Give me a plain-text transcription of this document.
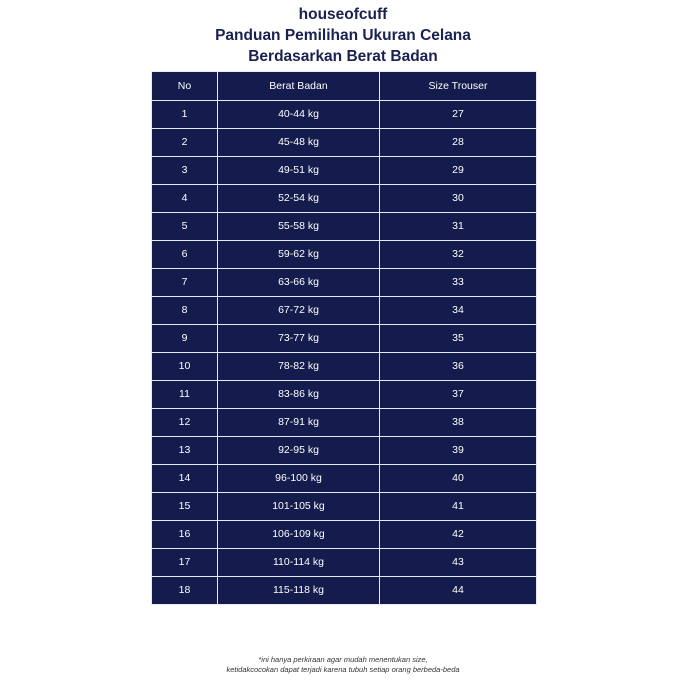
houseofcuff
Panduan Pemilihan Ukuran Celana
Berdasarkan Berat Badan
No	Berat Badan	Size Trouser
1	40-44 kg	27
2	45-48 kg	28
3	49-51 kg	29
4	52-54 kg	30
5	55-58 kg	31
6	59-62 kg	32
7	63-66 kg	33
8	67-72 kg	34
9	73-77 kg	35
10	78-82 kg	36
11	83-86 kg	37
12	87-91 kg	38
13	92-95 kg	39
14	96-100 kg	40
15	101-105 kg	41
16	106-109 kg	42
17	110-114 kg	43
18	115-118 kg	44
*ini hanya perkiraan agar mudah menentukan size,
ketidakcocokan dapat terjadi karena tubuh setiap orang berbeda-beda
